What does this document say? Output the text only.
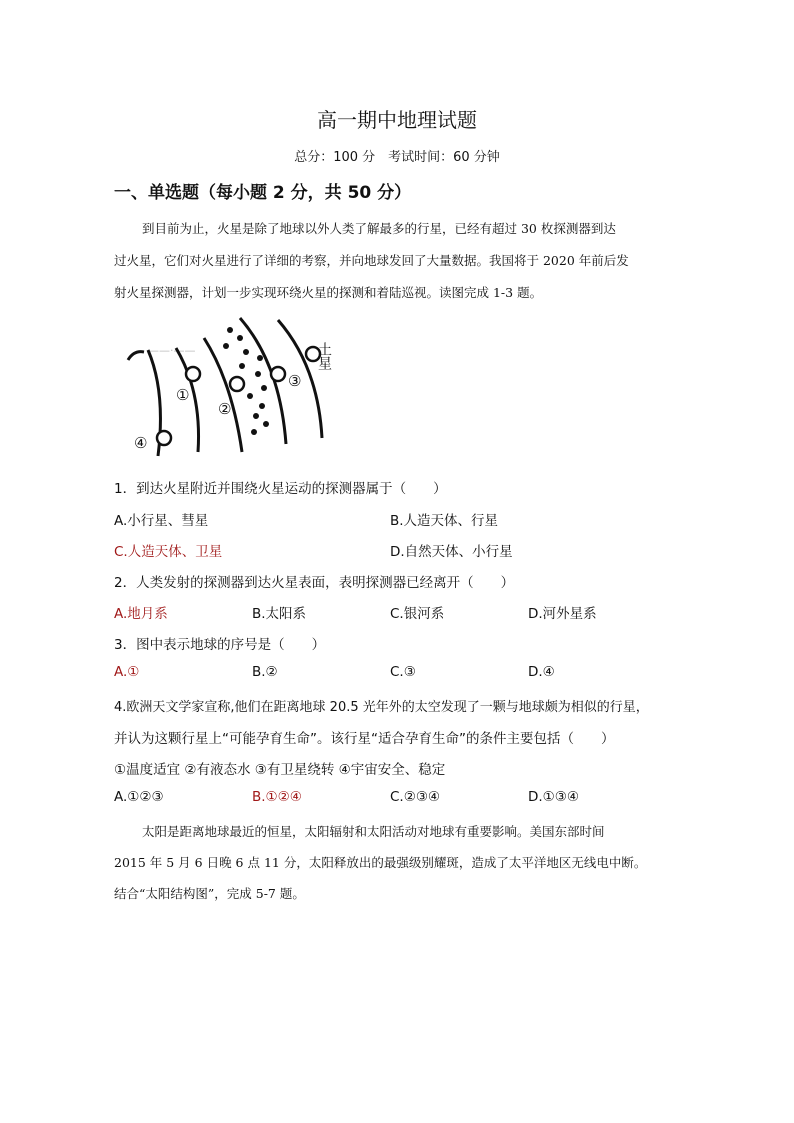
高一期中地理试题
总分：100 分　考试时间：60 分钟
一、单选题（每小题 2 分，共 50 分）
到目前为止，火星是除了地球以外人类了解最多的行星，已经有超过 30 枚探测器到达
过火星，它们对火星进行了详细的考察，并向地球发回了大量数据。我国将于 2020 年前后发
射火星探测器，计划一步实现环绕火星的探测和着陆巡视。读图完成 1-3 题。
——·——
①
②
③
④
土星
1．到达火星附近并围绕火星运动的探测器属于（　　）
A.小行星、彗星	B.人造天体、行星
C.人造天体、卫星	D.自然天体、小行星
2．人类发射的探测器到达火星表面，表明探测器已经离开（　　）
A.地月系	B.太阳系	C.银河系	D.河外星系
3．图中表示地球的序号是（　　）
A.①	B.②	C.③	D.④
4.欧洲天文学家宣称,他们在距离地球 20.5 光年外的太空发现了一颗与地球颇为相似的行星，
并认为这颗行星上“可能孕育生命”。该行星“适合孕育生命”的条件主要包括（　　）
①温度适宜 ②有液态水 ③有卫星绕转 ④宇宙安全、稳定
A.①②③	B.①②④	C.②③④	D.①③④
太阳是距离地球最近的恒星，太阳辐射和太阳活动对地球有重要影响。美国东部时间
2015 年 5 月 6 日晚 6 点 11 分，太阳释放出的最强级别耀斑，造成了太平洋地区无线电中断。
结合“太阳结构图”，完成 5-7 题。
